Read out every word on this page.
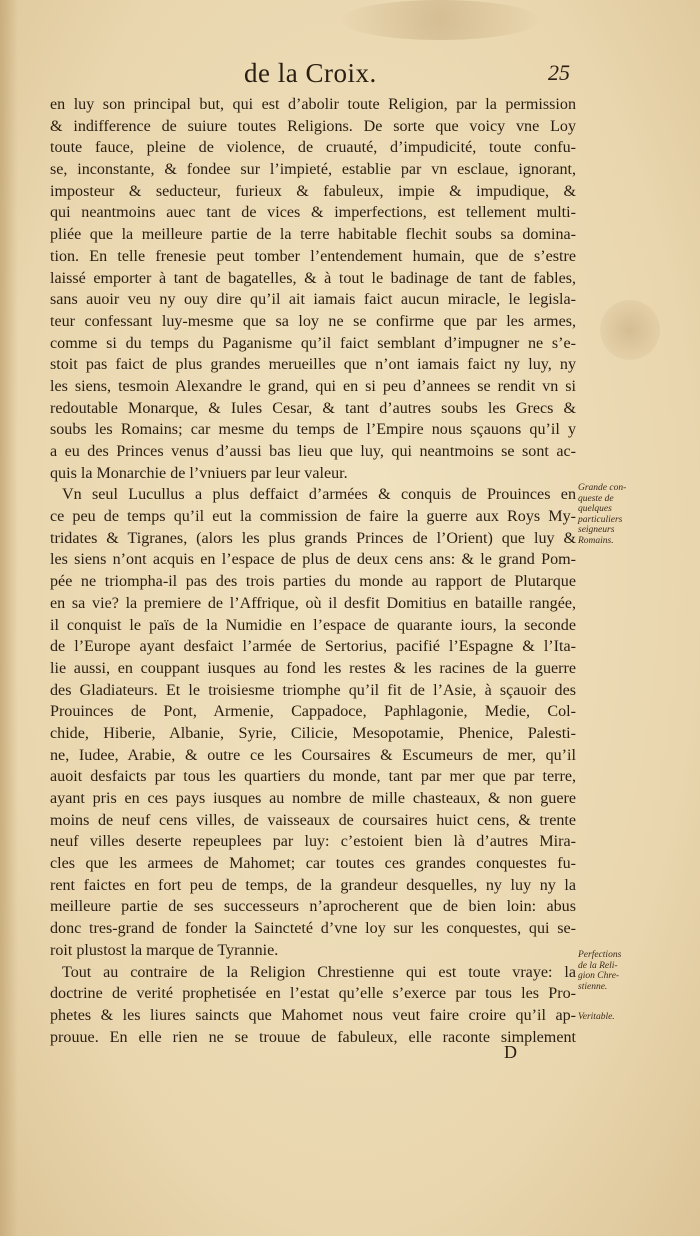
de la Croix.	25
en luy son principal but, qui est d’abolir toute Religion, par la permission
& indifference de suiure toutes Religions. De sorte que voicy vne Loy
toute fauce, pleine de violence, de cruauté, d’impudicité, toute confu-
se, inconstante, & fondee sur l’impieté, establie par vn esclaue, ignorant,
imposteur & seducteur, furieux & fabuleux, impie & impudique, &
qui neantmoins auec tant de vices & imperfections, est tellement multi-
pliée que la meilleure partie de la terre habitable flechit soubs sa domina-
tion. En telle frenesie peut tomber l’entendement humain, que de s’estre
laissé emporter à tant de bagatelles, & à tout le badinage de tant de fables,
sans auoir veu ny ouy dire qu’il ait iamais faict aucun miracle, le legisla-
teur confessant luy-mesme que sa loy ne se confirme que par les armes,
comme si du temps du Paganisme qu’il faict semblant d’impugner ne s’e-
stoit pas faict de plus grandes merueilles que n’ont iamais faict ny luy, ny
les siens, tesmoin Alexandre le grand, qui en si peu d’annees se rendit vn si
redoutable Monarque, & Iules Cesar, & tant d’autres soubs les Grecs &
soubs les Romains; car mesme du temps de l’Empire nous sçauons qu’il y
a eu des Princes venus d’aussi bas lieu que luy, qui neantmoins se sont ac-
quis la Monarchie de l’vniuers par leur valeur.
Vn seul Lucullus a plus deffaict d’armées & conquis de Prouinces en
ce peu de temps qu’il eut la commission de faire la guerre aux Roys My-
tridates & Tigranes, (alors les plus grands Princes de l’Orient) que luy &
les siens n’ont acquis en l’espace de plus de deux cens ans: & le grand Pom-
pée ne triompha-il pas des trois parties du monde au rapport de Plutarque
en sa vie? la premiere de l’Affrique, où il desfit Domitius en bataille rangée,
il conquist le païs de la Numidie en l’espace de quarante iours, la seconde
de l’Europe ayant desfaict l’armée de Sertorius, pacifié l’Espagne & l’Ita-
lie aussi, en couppant iusques au fond les restes & les racines de la guerre
des Gladiateurs. Et le troisiesme triomphe qu’il fit de l’Asie, à sçauoir des
Prouinces de Pont, Armenie, Cappadoce, Paphlagonie, Medie, Col-
chide, Hiberie, Albanie, Syrie, Cilicie, Mesopotamie, Phenice, Palesti-
ne, Iudee, Arabie, & outre ce les Coursaires & Escumeurs de mer, qu’il
auoit desfaicts par tous les quartiers du monde, tant par mer que par terre,
ayant pris en ces pays iusques au nombre de mille chasteaux, & non guere
moins de neuf cens villes, de vaisseaux de coursaires huict cens, & trente
neuf villes deserte repeuplees par luy: c’estoient bien là d’autres Mira-
cles que les armees de Mahomet; car toutes ces grandes conquestes fu-
rent faictes en fort peu de temps, de la grandeur desquelles, ny luy ny la
meilleure partie de ses successeurs n’aprocherent que de bien loin: abus
donc tres-grand de fonder la Saincteté d’vne loy sur les conquestes, qui se-
roit plustost la marque de Tyrannie.
Tout au contraire de la Religion Chrestienne qui est toute vraye: la
doctrine de verité prophetisée en l’estat qu’elle s’exerce par tous les Pro-
phetes & les liures saincts que Mahomet nous veut faire croire qu’il ap-
prouue. En elle rien ne se trouue de fabuleux, elle raconte simplement
Grande con-
queste de
quelques
particuliers
seigneurs
Romains.
Perfections
de la Reli-
gion Chre-
stienne.
Veritable.
D
